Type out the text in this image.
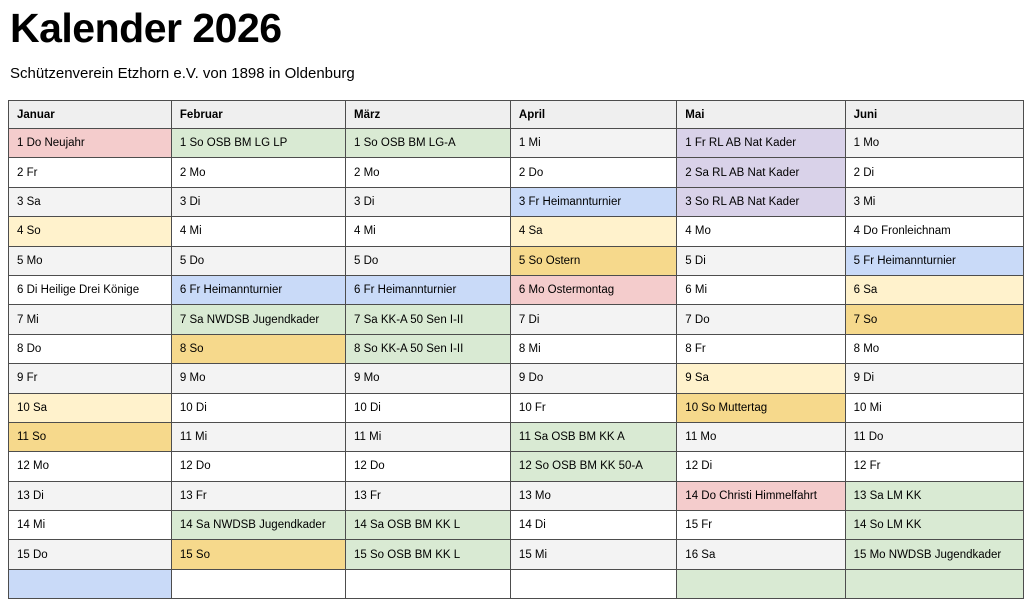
Kalender 2026
Schützenverein Etzhorn e.V. von 1898 in Oldenburg
Januar	Februar	März	April	Mai	Juni
1 Do Neujahr	1 So OSB BM LG LP	1 So OSB BM LG-A	1 Mi	1 Fr RL AB Nat Kader	1 Mo
2 Fr	2 Mo	2 Mo	2 Do	2 Sa RL AB Nat Kader	2 Di
3 Sa	3 Di	3 Di	3 Fr Heimannturnier	3 So RL AB Nat Kader	3 Mi
4 So	4 Mi	4 Mi	4 Sa	4 Mo	4 Do Fronleichnam
5 Mo	5 Do	5 Do	5 So Ostern	5 Di	5 Fr Heimannturnier
6 Di Heilige Drei Könige	6 Fr Heimannturnier	6 Fr Heimannturnier	6 Mo Ostermontag	6 Mi	6 Sa
7 Mi	7 Sa NWDSB Jugendkader	7 Sa KK-A 50 Sen I-II	7 Di	7 Do	7 So
8 Do	8 So	8 So KK-A 50 Sen I-II	8 Mi	8 Fr	8 Mo
9 Fr	9 Mo	9 Mo	9 Do	9 Sa	9 Di
10 Sa	10 Di	10 Di	10 Fr	10 So Muttertag	10 Mi
11 So	11 Mi	11 Mi	11 Sa OSB BM KK A	11 Mo	11 Do
12 Mo	12 Do	12 Do	12 So OSB BM KK 50-A	12 Di	12 Fr
13 Di	13 Fr	13 Fr	13 Mo	14 Do Christi Himmelfahrt	13 Sa LM KK
14 Mi	14 Sa NWDSB Jugendkader	14 Sa OSB BM KK L	14 Di	15 Fr	14 So LM KK
15 Do	15 So	15 So OSB BM KK L	15 Mi	16 Sa	15 Mo NWDSB Jugendkader
